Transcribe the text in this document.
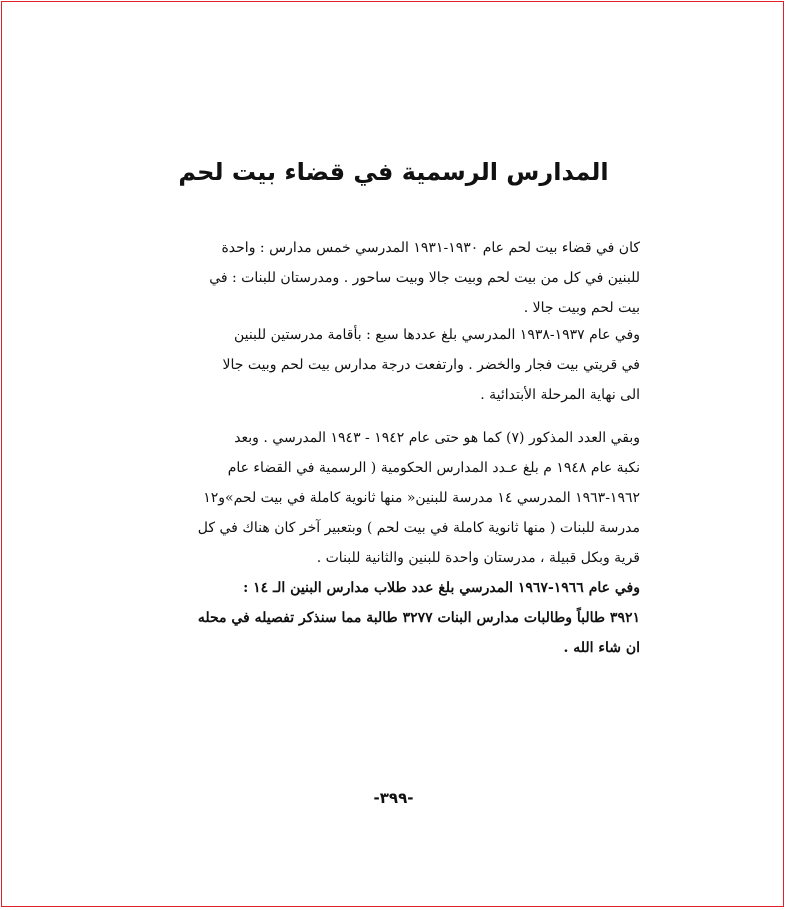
المدارس الرسمية في قضاء بيت لحم
كان في قضاء بيت لحم عام ١٩٣٠-١٩٣١ المدرسي خمس مدارس : واحدة
للبنين في كل من بيت لحم وبيت جالا وبيت ساحور . ومدرستان للبنات : في
بيت لحم وبيت جالا .
وفي عام ١٩٣٧-١٩٣٨ المدرسي بلغ عددها سبع : بأقامة مدرستين للبنين
في قريتي بيت فجار والخضر . وارتفعت درجة مدارس بيت لحم وبيت جالا
الى نهاية المرحلة الأبتدائية .
وبقي العدد المذكور (٧) كما هو حتى عام ١٩٤٢ - ١٩٤٣ المدرسي . وبعد
نكبة عام ١٩٤٨ م بلغ عـدد المدارس الحكومية ( الرسمية في القضاء عام
١٩٦٢-١٩٦٣ المدرسي ١٤ مدرسة للبنين« منها ثانوية كاملة في بيت لحم»و١٢
مدرسة للبنات ( منها ثانوية كاملة في بيت لحم ) وبتعبير آخر كان هناك في كل
قرية وبكل قبيلة ، مدرستان واحدة للبنين والثانية للبنات .
وفي عام ١٩٦٦-١٩٦٧ المدرسي بلغ عدد طلاب مدارس البنين الـ ١٤ :
٣٩٢١ طالباً وطالبات مدارس البنات ٣٢٧٧ طالبة مما سنذكر تفصيله في محله
ان شاء الله .
-٣٩٩-
